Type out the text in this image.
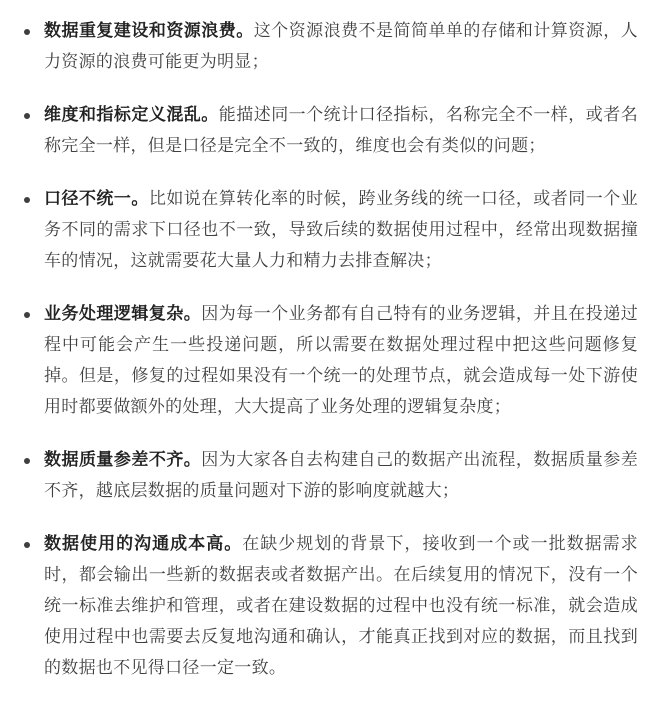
数据重复建设和资源浪费。这个资源浪费不是简简单单的存储和计算资源，人力资源的浪费可能更为明显；
维度和指标定义混乱。能描述同一个统计口径指标，名称完全不一样，或者名称完全一样，但是口径是完全不一致的，维度也会有类似的问题；
口径不统一。比如说在算转化率的时候，跨业务线的统一口径，或者同一个业务不同的需求下口径也不一致，导致后续的数据使用过程中，经常出现数据撞车的情况，这就需要花大量人力和精力去排查解决；
业务处理逻辑复杂。因为每一个业务都有自己特有的业务逻辑，并且在投递过程中可能会产生一些投递问题，所以需要在数据处理过程中把这些问题修复掉。但是，修复的过程如果没有一个统一的处理节点，就会造成每一处下游使用时都要做额外的处理，大大提高了业务处理的逻辑复杂度；
数据质量参差不齐。因为大家各自去构建自己的数据产出流程，数据质量参差不齐，越底层数据的质量问题对下游的影响度就越大；
数据使用的沟通成本高。在缺少规划的背景下，接收到一个或一批数据需求时，都会输出一些新的数据表或者数据产出。在后续复用的情况下，没有一个统一标准去维护和管理，或者在建设数据的过程中也没有统一标准，就会造成使用过程中也需要去反复地沟通和确认，才能真正找到对应的数据，而且找到的数据也不见得口径一定一致。
